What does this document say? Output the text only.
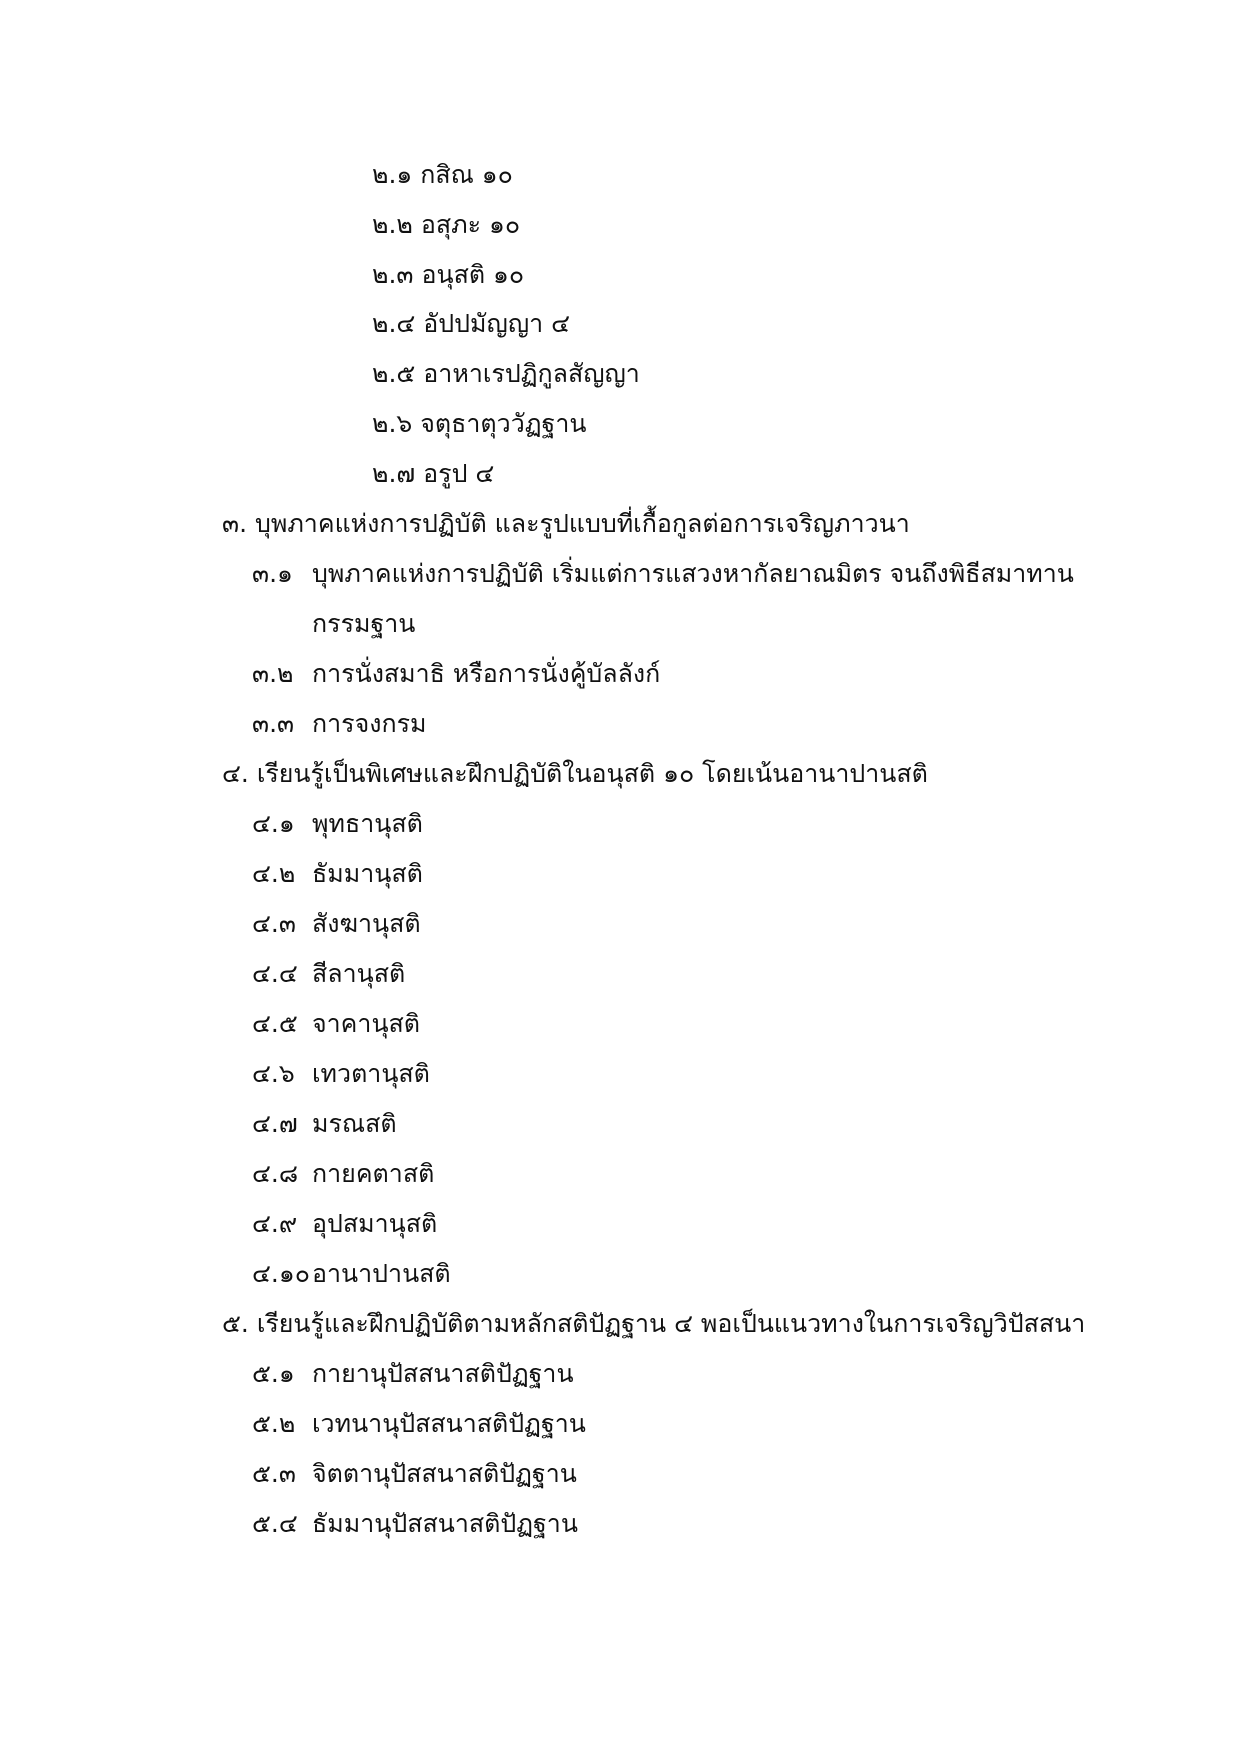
๒.๑ กสิณ ๑๐
๒.๒ อสุภะ ๑๐
๒.๓ อนุสติ ๑๐
๒.๔ อัปปมัญญา ๔
๒.๕ อาหาเรปฏิกูลสัญญา
๒.๖ จตุธาตุววัฏฐาน
๒.๗ อรูป ๔
๓. บุพภาคแห่งการปฏิบัติ และรูปแบบที่เกื้อกูลต่อการเจริญภาวนา
๓.๑ บุพภาคแห่งการปฏิบัติ เริ่มแต่การแสวงหากัลยาณมิตร จนถึงพิธีสมาทาน
กรรมฐาน
๓.๒ การนั่งสมาธิ หรือการนั่งคู้บัลลังก์
๓.๓ การจงกรม
๔. เรียนรู้เป็นพิเศษและฝึกปฏิบัติในอนุสติ ๑๐ โดยเน้นอานาปานสติ
๔.๑ พุทธานุสติ
๔.๒ ธัมมานุสติ
๔.๓ สังฆานุสติ
๔.๔ สีลานุสติ
๔.๕ จาคานุสติ
๔.๖ เทวตานุสติ
๔.๗ มรณสติ
๔.๘ กายคตาสติ
๔.๙ อุปสมานุสติ
๔.๑๐ อานาปานสติ
๕. เรียนรู้และฝึกปฏิบัติตามหลักสติปัฏฐาน ๔ พอเป็นแนวทางในการเจริญวิปัสสนา
๕.๑ กายานุปัสสนาสติปัฏฐาน
๕.๒ เวทนานุปัสสนาสติปัฏฐาน
๕.๓ จิตตานุปัสสนาสติปัฏฐาน
๕.๔ ธัมมานุปัสสนาสติปัฏฐาน
